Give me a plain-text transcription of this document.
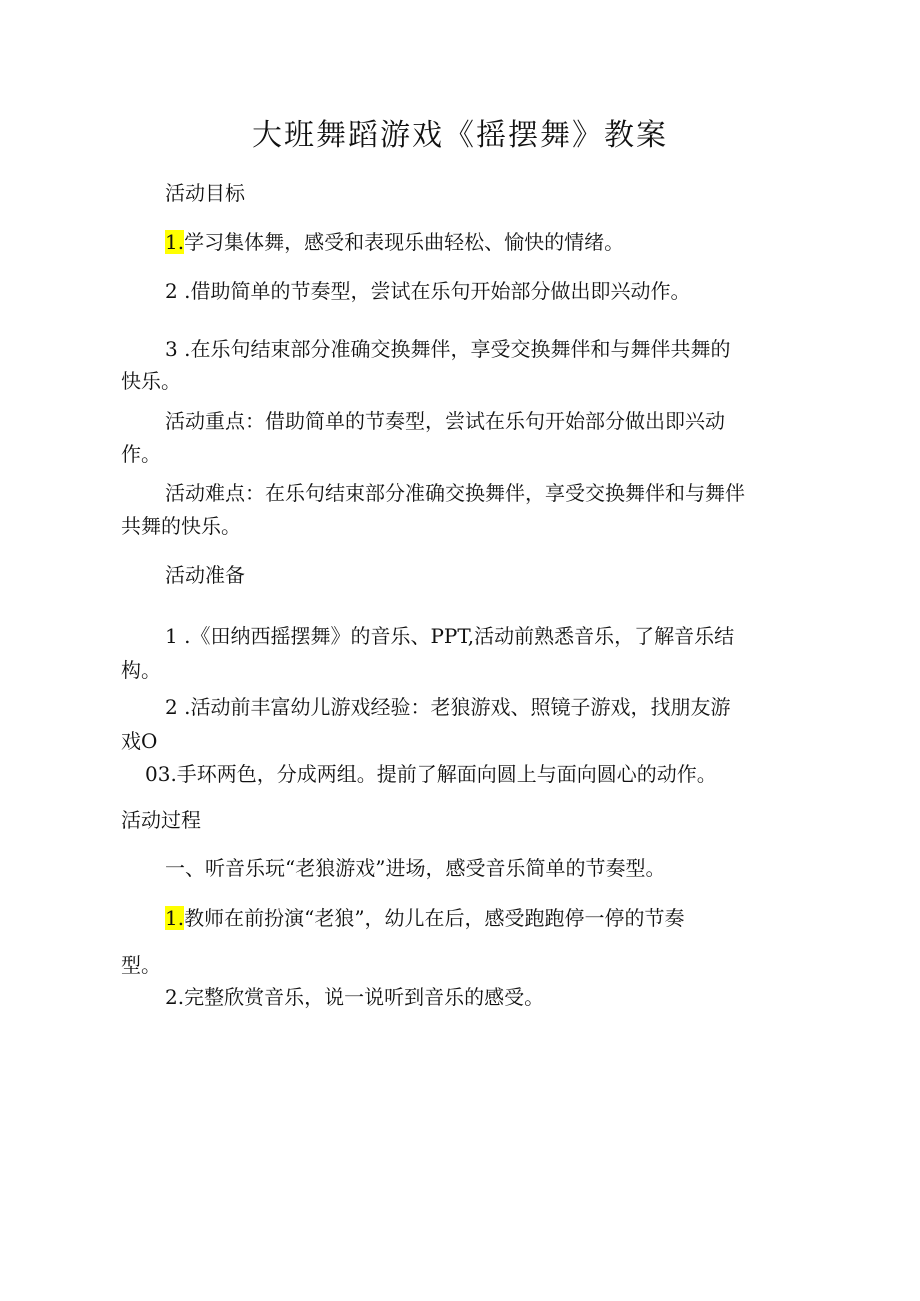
大班舞蹈游戏《摇摆舞》教案
活动目标
1.学习集体舞，感受和表现乐曲轻松、愉快的情绪。
2 .借助简单的节奏型，尝试在乐句开始部分做出即兴动作。
3 .在乐句结束部分准确交换舞伴，享受交换舞伴和与舞伴共舞的
快乐。
活动重点：借助简单的节奏型，尝试在乐句开始部分做出即兴动
作。
活动难点：在乐句结束部分准确交换舞伴，享受交换舞伴和与舞伴
共舞的快乐。
活动准备
1 .《田纳西摇摆舞》的音乐、PPT,活动前熟悉音乐，了解音乐结
构。
2 .活动前丰富幼儿游戏经验：老狼游戏、照镜子游戏，找朋友游
戏O
03.手环两色，分成两组。提前了解面向圆上与面向圆心的动作。
活动过程
一、听音乐玩“老狼游戏”进场，感受音乐简单的节奏型。
1.教师在前扮演“老狼”，幼儿在后，感受跑跑停一停的节奏
型。
2.完整欣赏音乐，说一说听到音乐的感受。
